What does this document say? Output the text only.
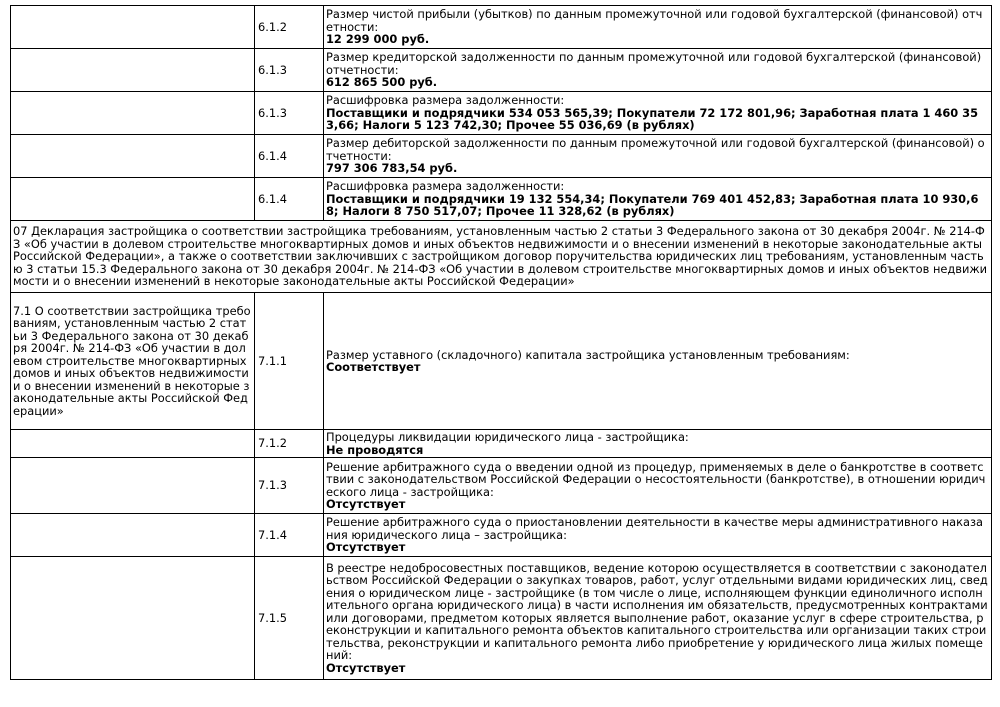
	6.1.2	Размер чистой прибыли (убытков) по данным промежуточной или годовой бухгалтерской (финансовой) отчетности:
12 299 000 руб.

	6.1.3	Размер кредиторской задолженности по данным промежуточной или годовой бухгалтерской (финансовой) отчетности:
612 865 500 руб.

	6.1.3	Расшифровка размера задолженности:
Поставщики и подрядчики 534 053 565,39; Покупатели 72 172 801,96; Заработная плата 1 460 353,66; Налоги 5 123 742,30; Прочее 55 036,69 (в рублях)

	6.1.4	Размер дебиторской задолженности по данным промежуточной или годовой бухгалтерской (финансовой) отчетности:
797 306 783,54 руб.

	6.1.4	Расшифровка размера задолженности:
Поставщики и подрядчики 19 132 554,34; Покупатели 769 401 452,83; Заработная плата 10 930,68; Налоги 8 750 517,07; Прочее 11 328,62 (в рублях)

07 Декларация застройщика о соответствии застройщика требованиям, установленным частью 2 статьи 3 Федерального закона от 30 декабря 2004г. № 214-ФЗ «Об участии в долевом строительстве многоквартирных домов и иных объектов недвижимости и о внесении изменений в некоторые законодательные акты Российской Федерации», а также о соответствии заключивших с застройщиком договор поручительства юридических лиц требованиям, установленным частью 3 статьи 15.3 Федерального закона от 30 декабря 2004г. № 214-ФЗ «Об участии в долевом строительстве многоквартирных домов и иных объектов недвижимости и о внесении изменений в некоторые законодательные акты Российской Федерации»		
7.1 О соответствии застройщика требованиям, установленным частью 2 статьи 3 Федерального закона от 30 декабря 2004г. № 214-ФЗ «Об участии в долевом строительстве многоквартирных домов и иных объектов недвижимости и о внесении изменений в некоторые законодательные акты Российской Федерации»	7.1.1	Размер уставного (складочного) капитала застройщика установленным требованиям:
Соответствует

	7.1.2	Процедуры ликвидации юридического лица - застройщика:
Не проводятся

	7.1.3	Решение арбитражного суда о введении одной из процедур, применяемых в деле о банкротстве в соответствии с законодательством Российской Федерации о несостоятельности (банкротстве), в отношении юридического лица - застройщика:
Отсутствует

	7.1.4	Решение арбитражного суда о приостановлении деятельности в качестве меры административного наказания юридического лица – застройщика:
Отсутствует

	7.1.5	В реестре недобросовестных поставщиков, ведение которою осуществляется в соответствии с законодательством Российской Федерации о закупках товаров, работ, услуг отдельными видами юридических лиц, сведения о юридическом лице - застройщике (в том числе о лице, исполняющем функции единоличного исполнительного органа юридического лица) в части исполнения им обязательств, предусмотренных контрактами или договорами, предметом которых является выполнение работ, оказание услуг в сфере строительства, реконструкции и капитального ремонта объектов капитального строительства или организации таких строительства, реконструкции и капитального ремонта либо приобретение у юридического лица жилых помещений:
Отсутствует
